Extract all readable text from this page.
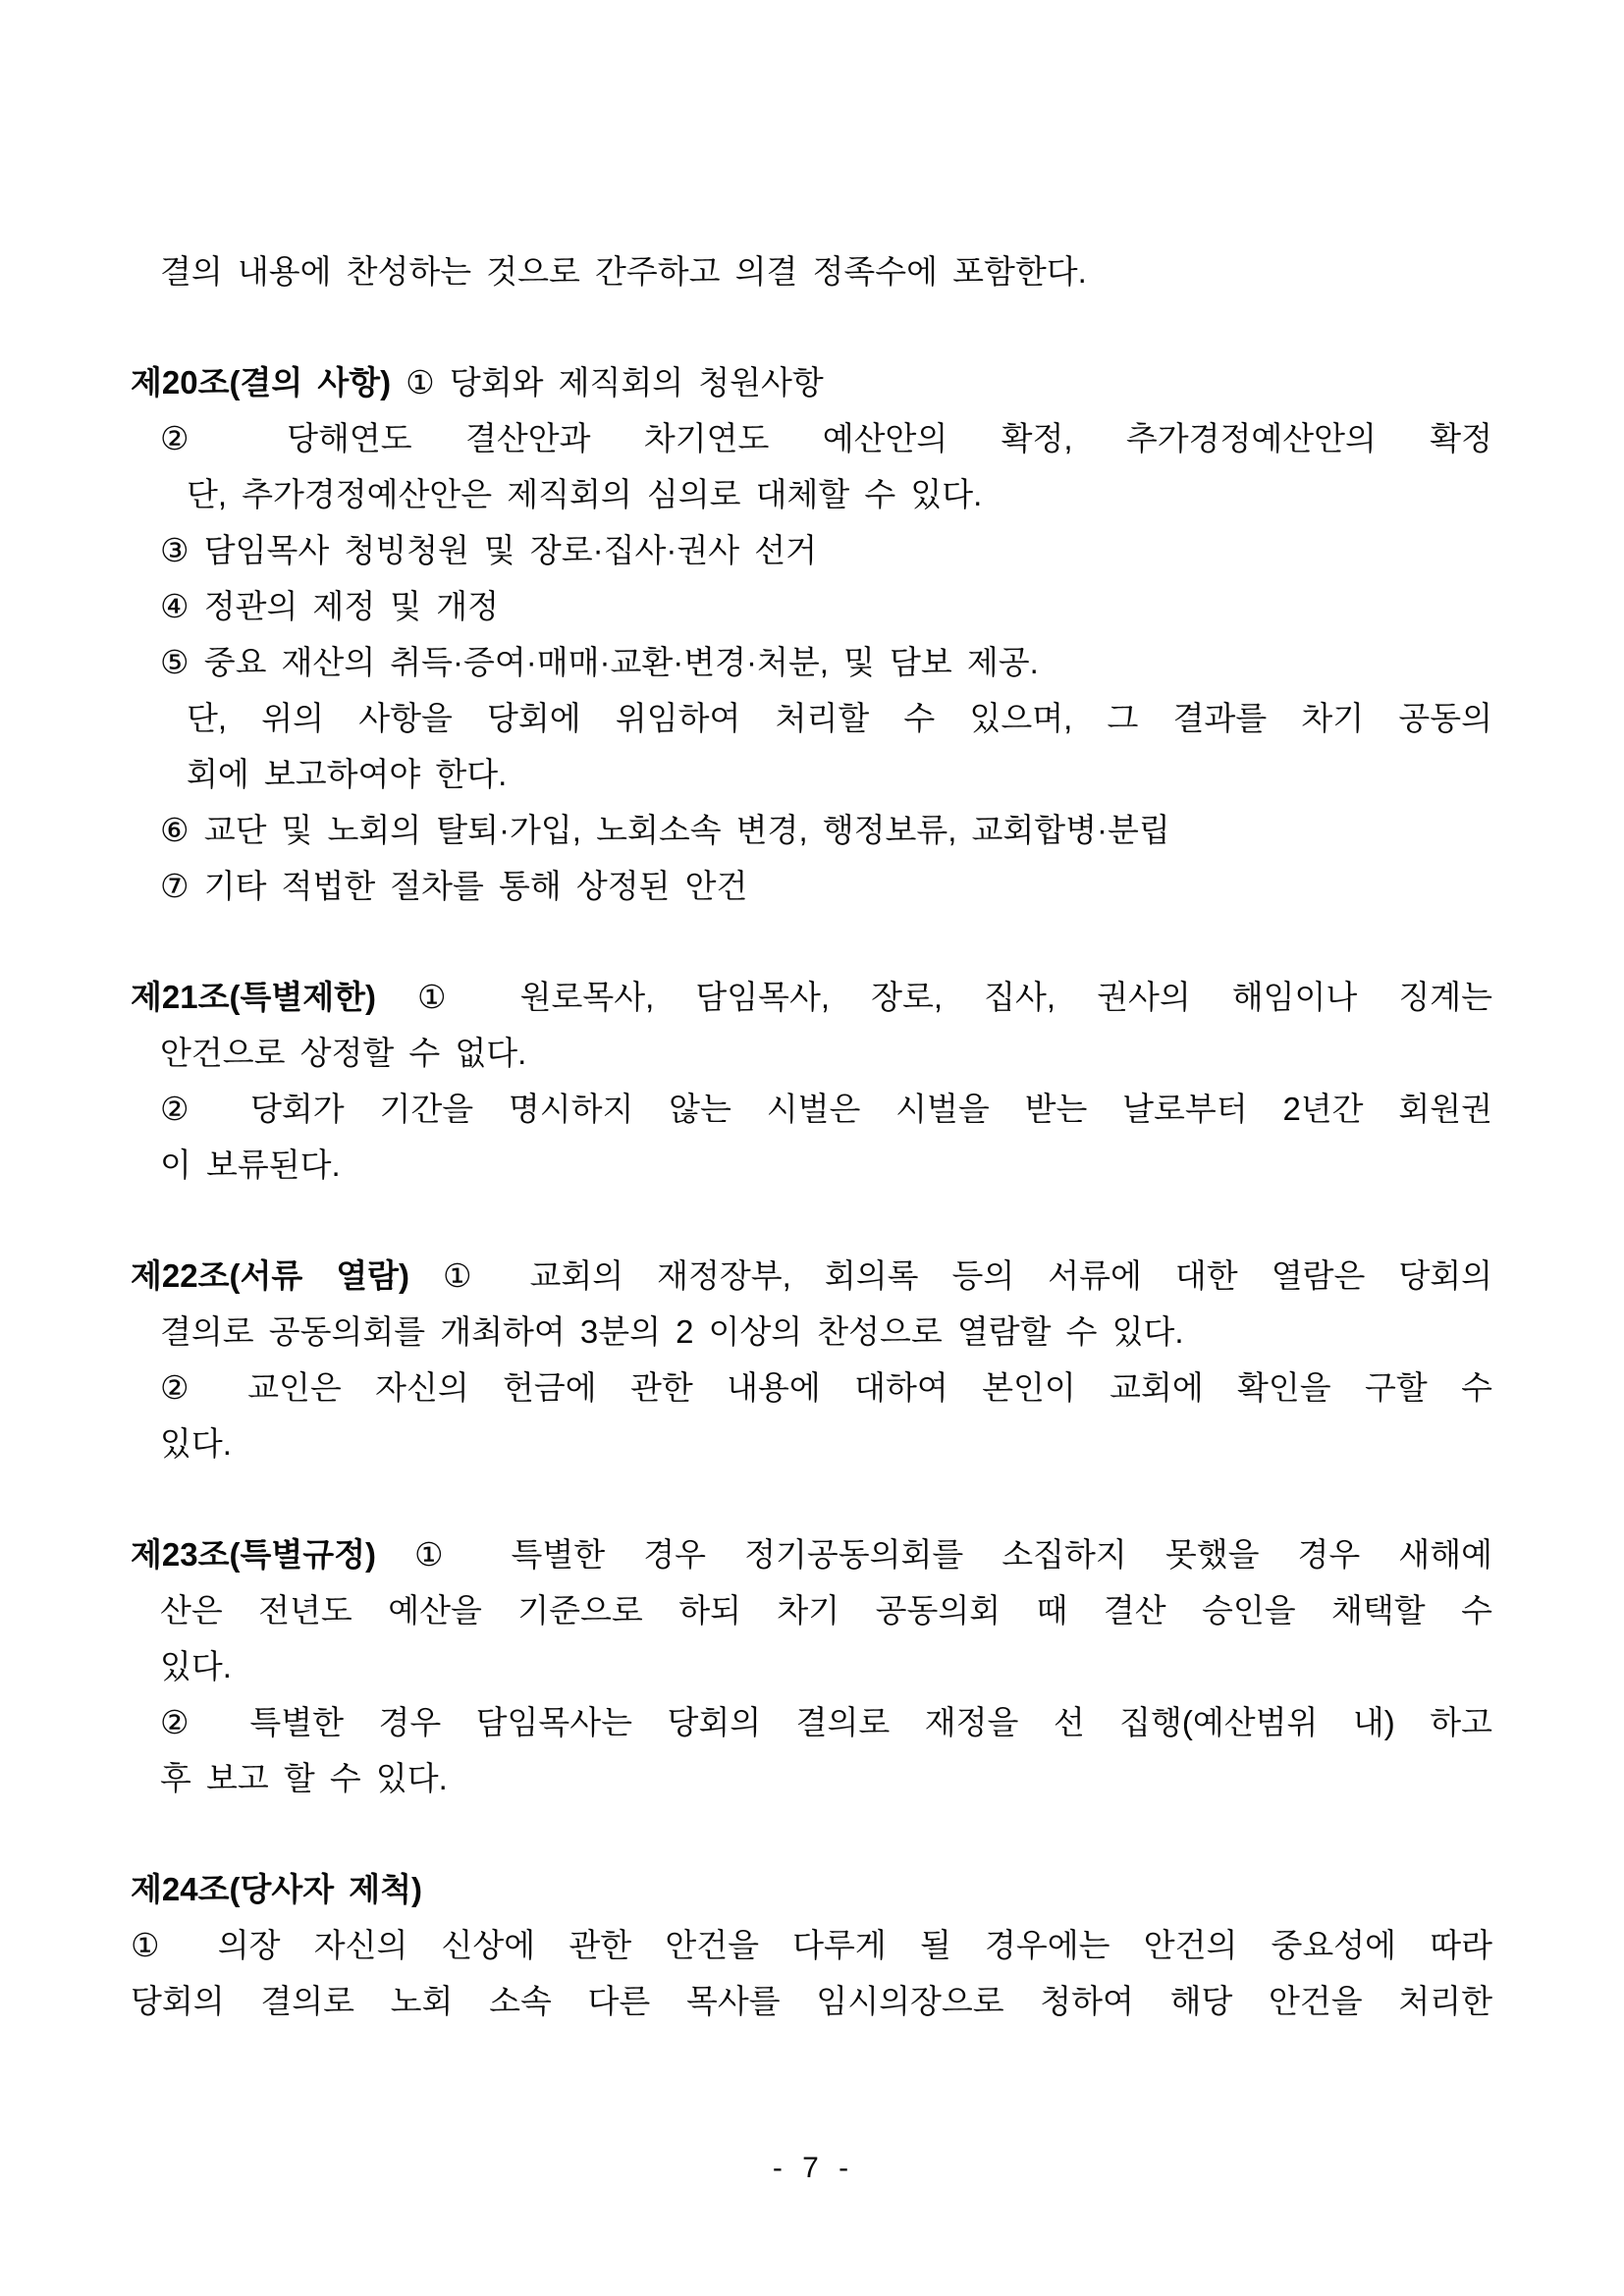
결의 내용에 찬성하는 것으로 간주하고 의결 정족수에 포함한다.
제20조(결의 사항) ① 당회와 제직회의 청원사항
② 당해연도 결산안과 차기연도 예산안의 확정, 추가경정예산안의 확정
단, 추가경정예산안은 제직회의 심의로 대체할 수 있다.
③ 담임목사 청빙청원 및 장로·집사·권사 선거
④ 정관의 제정 및 개정
⑤ 중요 재산의 취득·증여·매매·교환·변경·처분, 및 담보 제공.
단, 위의 사항을 당회에 위임하여 처리할 수 있으며, 그 결과를 차기 공동의
회에 보고하여야 한다.
⑥ 교단 및 노회의 탈퇴·가입, 노회소속 변경, 행정보류, 교회합병·분립
⑦ 기타 적법한 절차를 통해 상정된 안건
제21조(특별제한) ① 원로목사, 담임목사, 장로, 집사, 권사의 해임이나 징계는
안건으로 상정할 수 없다.
② 당회가 기간을 명시하지 않는 시벌은 시벌을 받는 날로부터 2년간 회원권
이 보류된다.
제22조(서류 열람) ① 교회의 재정장부, 회의록 등의 서류에 대한 열람은 당회의
결의로 공동의회를 개최하여 3분의 2 이상의 찬성으로 열람할 수 있다.
② 교인은 자신의 헌금에 관한 내용에 대하여 본인이 교회에 확인을 구할 수
있다.
제23조(특별규정) ① 특별한 경우 정기공동의회를 소집하지 못했을 경우 새해예
산은 전년도 예산을 기준으로 하되 차기 공동의회 때 결산 승인을 채택할 수
있다.
② 특별한 경우 담임목사는 당회의 결의로 재정을 선 집행(예산범위 내) 하고
후 보고 할 수 있다.
제24조(당사자 제척)
① 의장 자신의 신상에 관한 안건을 다루게 될 경우에는 안건의 중요성에 따라
당회의 결의로 노회 소속 다른 목사를 임시의장으로 청하여 해당 안건을 처리한
- 7 -
